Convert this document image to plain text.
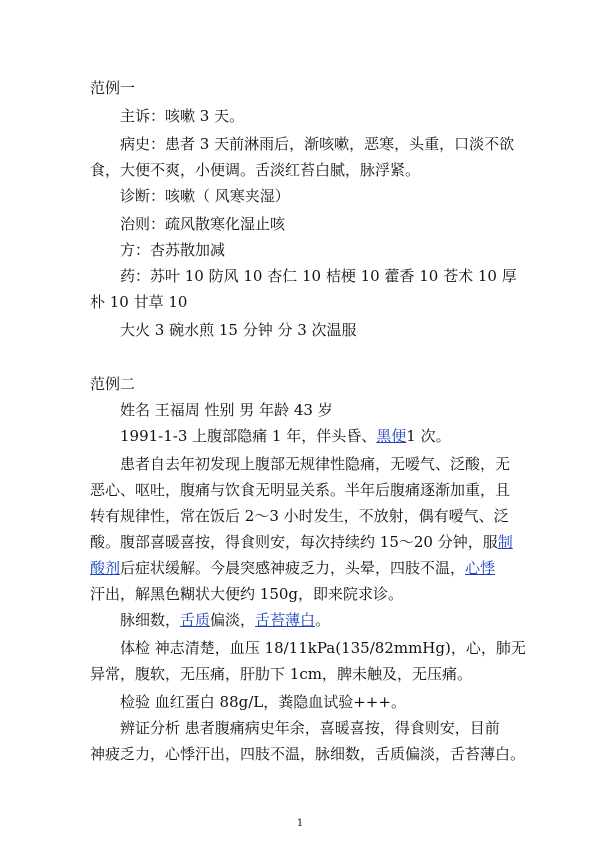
范例一
主诉：咳嗽 3 天。
病史：患者 3 天前淋雨后，渐咳嗽，恶寒，头重，口淡不欲
食，大便不爽，小便调。舌淡红苔白腻，脉浮紧。
诊断：咳嗽（ 风寒夹湿）
治则：疏风散寒化湿止咳
方：杏苏散加减
药：苏叶 10 防风 10 杏仁 10 桔梗 10 藿香 10 苍术 10 厚
朴 10 甘草 10
大火 3 碗水煎 15 分钟 分 3 次温服
范例二
姓名 王福周 性别 男 年龄 43 岁
1991-1-3 上腹部隐痛 1 年，伴头昏、黑便1 次。
患者自去年初发现上腹部无规律性隐痛，无嗳气、泛酸，无
恶心、呕吐，腹痛与饮食无明显关系。半年后腹痛逐渐加重，且
转有规律性，常在饭后 2～3 小时发生，不放射，偶有嗳气、泛
酸。腹部喜暖喜按，得食则安，每次持续约 15～20 分钟，服制
酸剂后症状缓解。今晨突感神疲乏力，头晕，四肢不温，心悸
汗出，解黑色糊状大便约 150g，即来院求诊。
脉细数，舌质偏淡，舌苔薄白。
体检 神志清楚，血压 18/11kPa(135/82mmHg)，心，肺无
异常，腹软，无压痛，肝肋下 1cm，脾未触及，无压痛。
检验 血红蛋白 88g/L，粪隐血试验+++。
辨证分析 患者腹痛病史年余，喜暖喜按，得食则安，目前
神疲乏力，心悸汗出，四肢不温，脉细数，舌质偏淡，舌苔薄白。
1
